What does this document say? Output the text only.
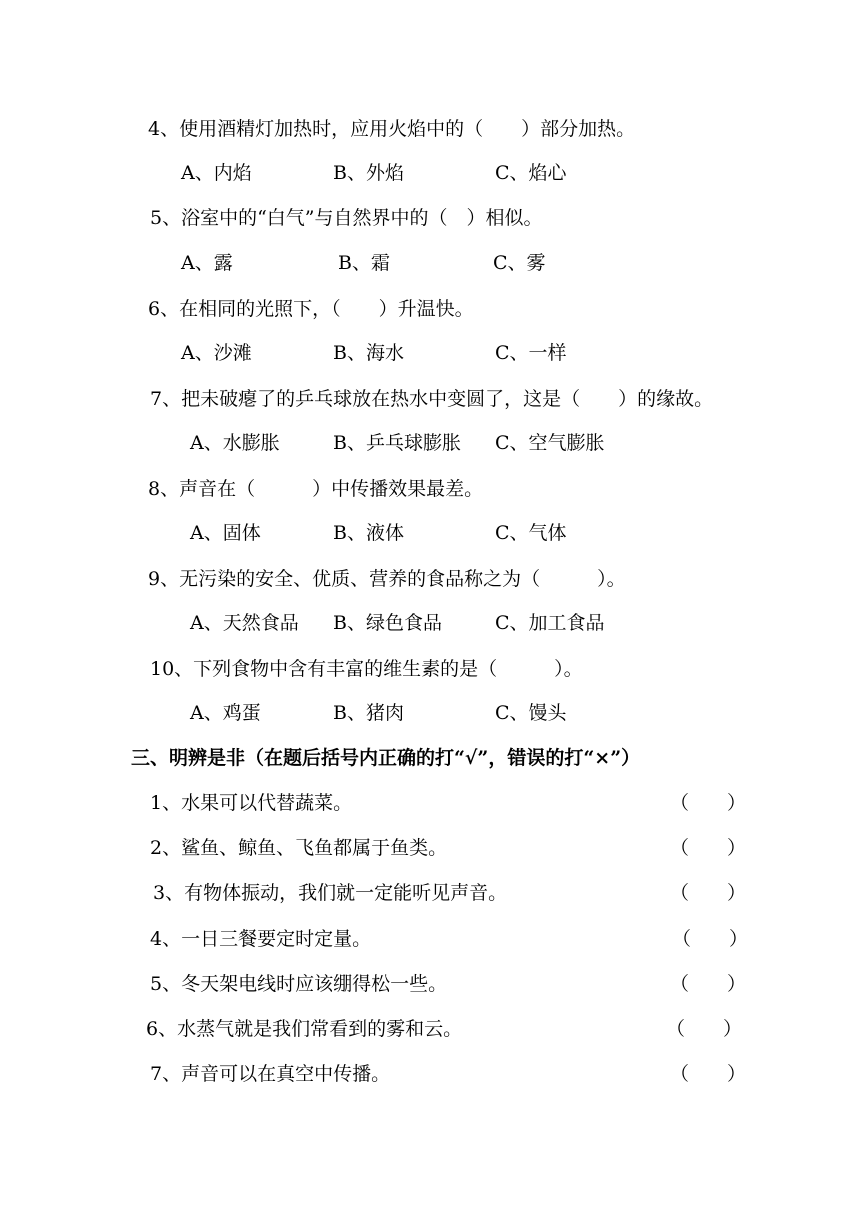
4、使用酒精灯加热时，应用火焰中的（　　）部分加热。
A、内焰	B、外焰	C、焰心
5、浴室中的“白气”与自然界中的（　）相似。
A、露	B、霜	C、雾
6、在相同的光照下，（　　）升温快。
A、沙滩	B、海水	C、一样
7、把未破瘪了的乒乓球放在热水中变圆了，这是（　　）的缘故。
A、水膨胀	B、乒乓球膨胀 C、空气膨胀
8、声音在（　　　）中传播效果最差。
A、固体	B、液体	C、气体
9、无污染的安全、优质、营养的食品称之为（　　　）。
A、天然食品 B、绿色食品	C、加工食品
10、下列食物中含有丰富的维生素的是（　　　）。
A、鸡蛋	B、猪肉	C、馒头
三、明辨是非（在题后括号内正确的打“√”，错误的打“×”）
1、水果可以代替蔬菜。	（　　）
2、鲨鱼、鲸鱼、飞鱼都属于鱼类。	（　　）
3、有物体振动，我们就一定能听见声音。	（　　）
4、一日三餐要定时定量。	（　　）
5、冬天架电线时应该绷得松一些。	（　　）
6、水蒸气就是我们常看到的雾和云。	（　　）
7、声音可以在真空中传播。	（　　）
